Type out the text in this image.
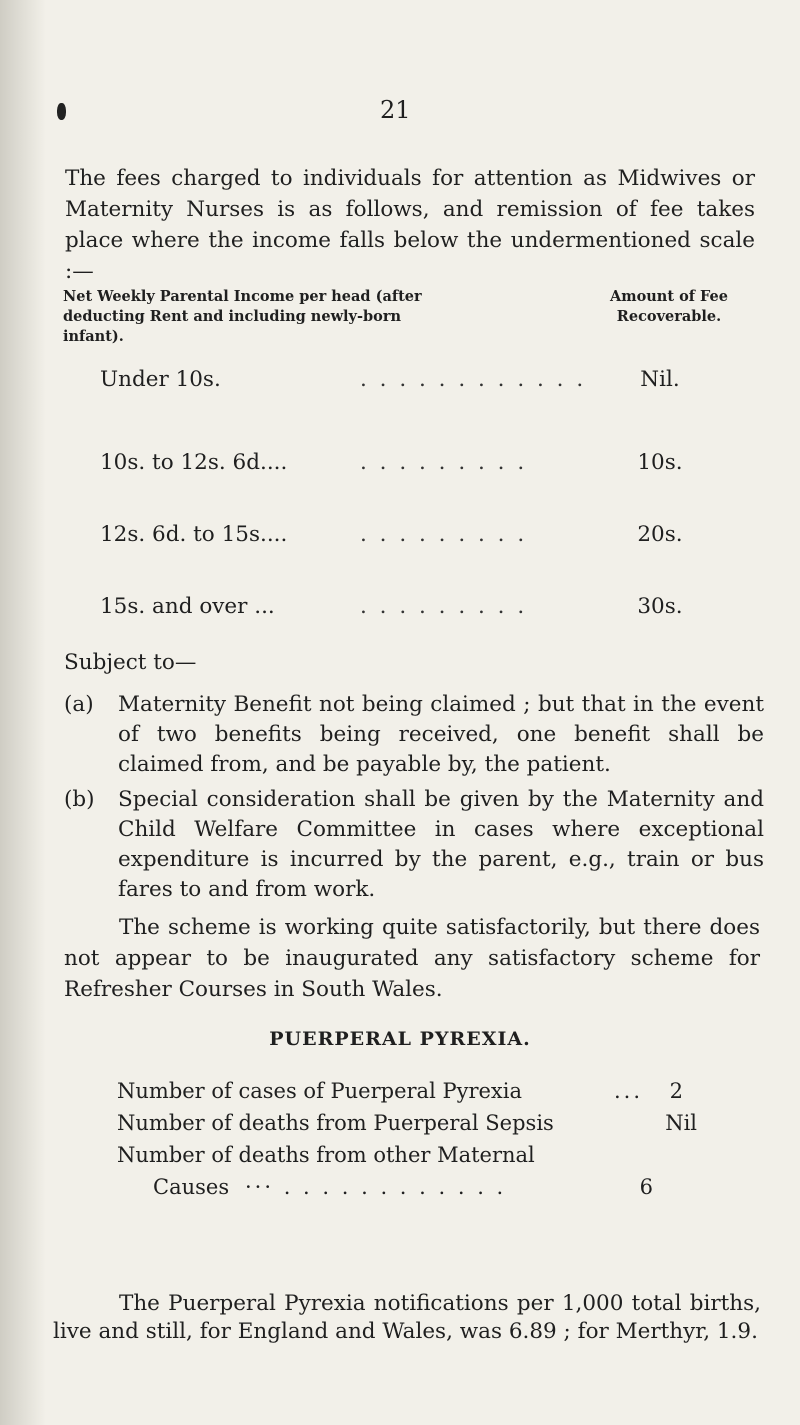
21
The fees charged to individuals for attention as Midwives or Maternity Nurses is as follows, and remission of fee takes place where the income falls below the undermentioned scale :—
Net Weekly Parental Income per head (after deducting Rent and including newly-born infant).
Amount of Fee Recoverable.
Under 10s.	. . . . . . . . . . . .	Nil.
10s. to 12s. 6d....	. . . . . . . . .	10s.
12s. 6d. to 15s....	. . . . . . . . .	20s.
15s. and over ...	. . . . . . . . .	30s.
Subject to—
(a) Maternity Benefit not being claimed ; but that in the event of two benefits being received, one benefit shall be claimed from, and be payable by, the patient.
(b) Special consideration shall be given by the Maternity and Child Welfare Committee in cases where exceptional expenditure is incurred by the parent, e.g., train or bus fares to and from work.
The scheme is working quite satisfactorily, but there does not appear to be inaugurated any satisfactory scheme for Refresher Courses in South Wales.
PUERPERAL PYREXIA.
Number of cases of Puerperal Pyrexia	2
...
Number of deaths from Puerperal Sepsis	Nil
Number of deaths from other Maternal
Causes ··· . . . . . . . . . . . .	6
The Puerperal Pyrexia notifications per 1,000 total births, live and still, for England and Wales, was 6.89 ; for Merthyr, 1.9.
